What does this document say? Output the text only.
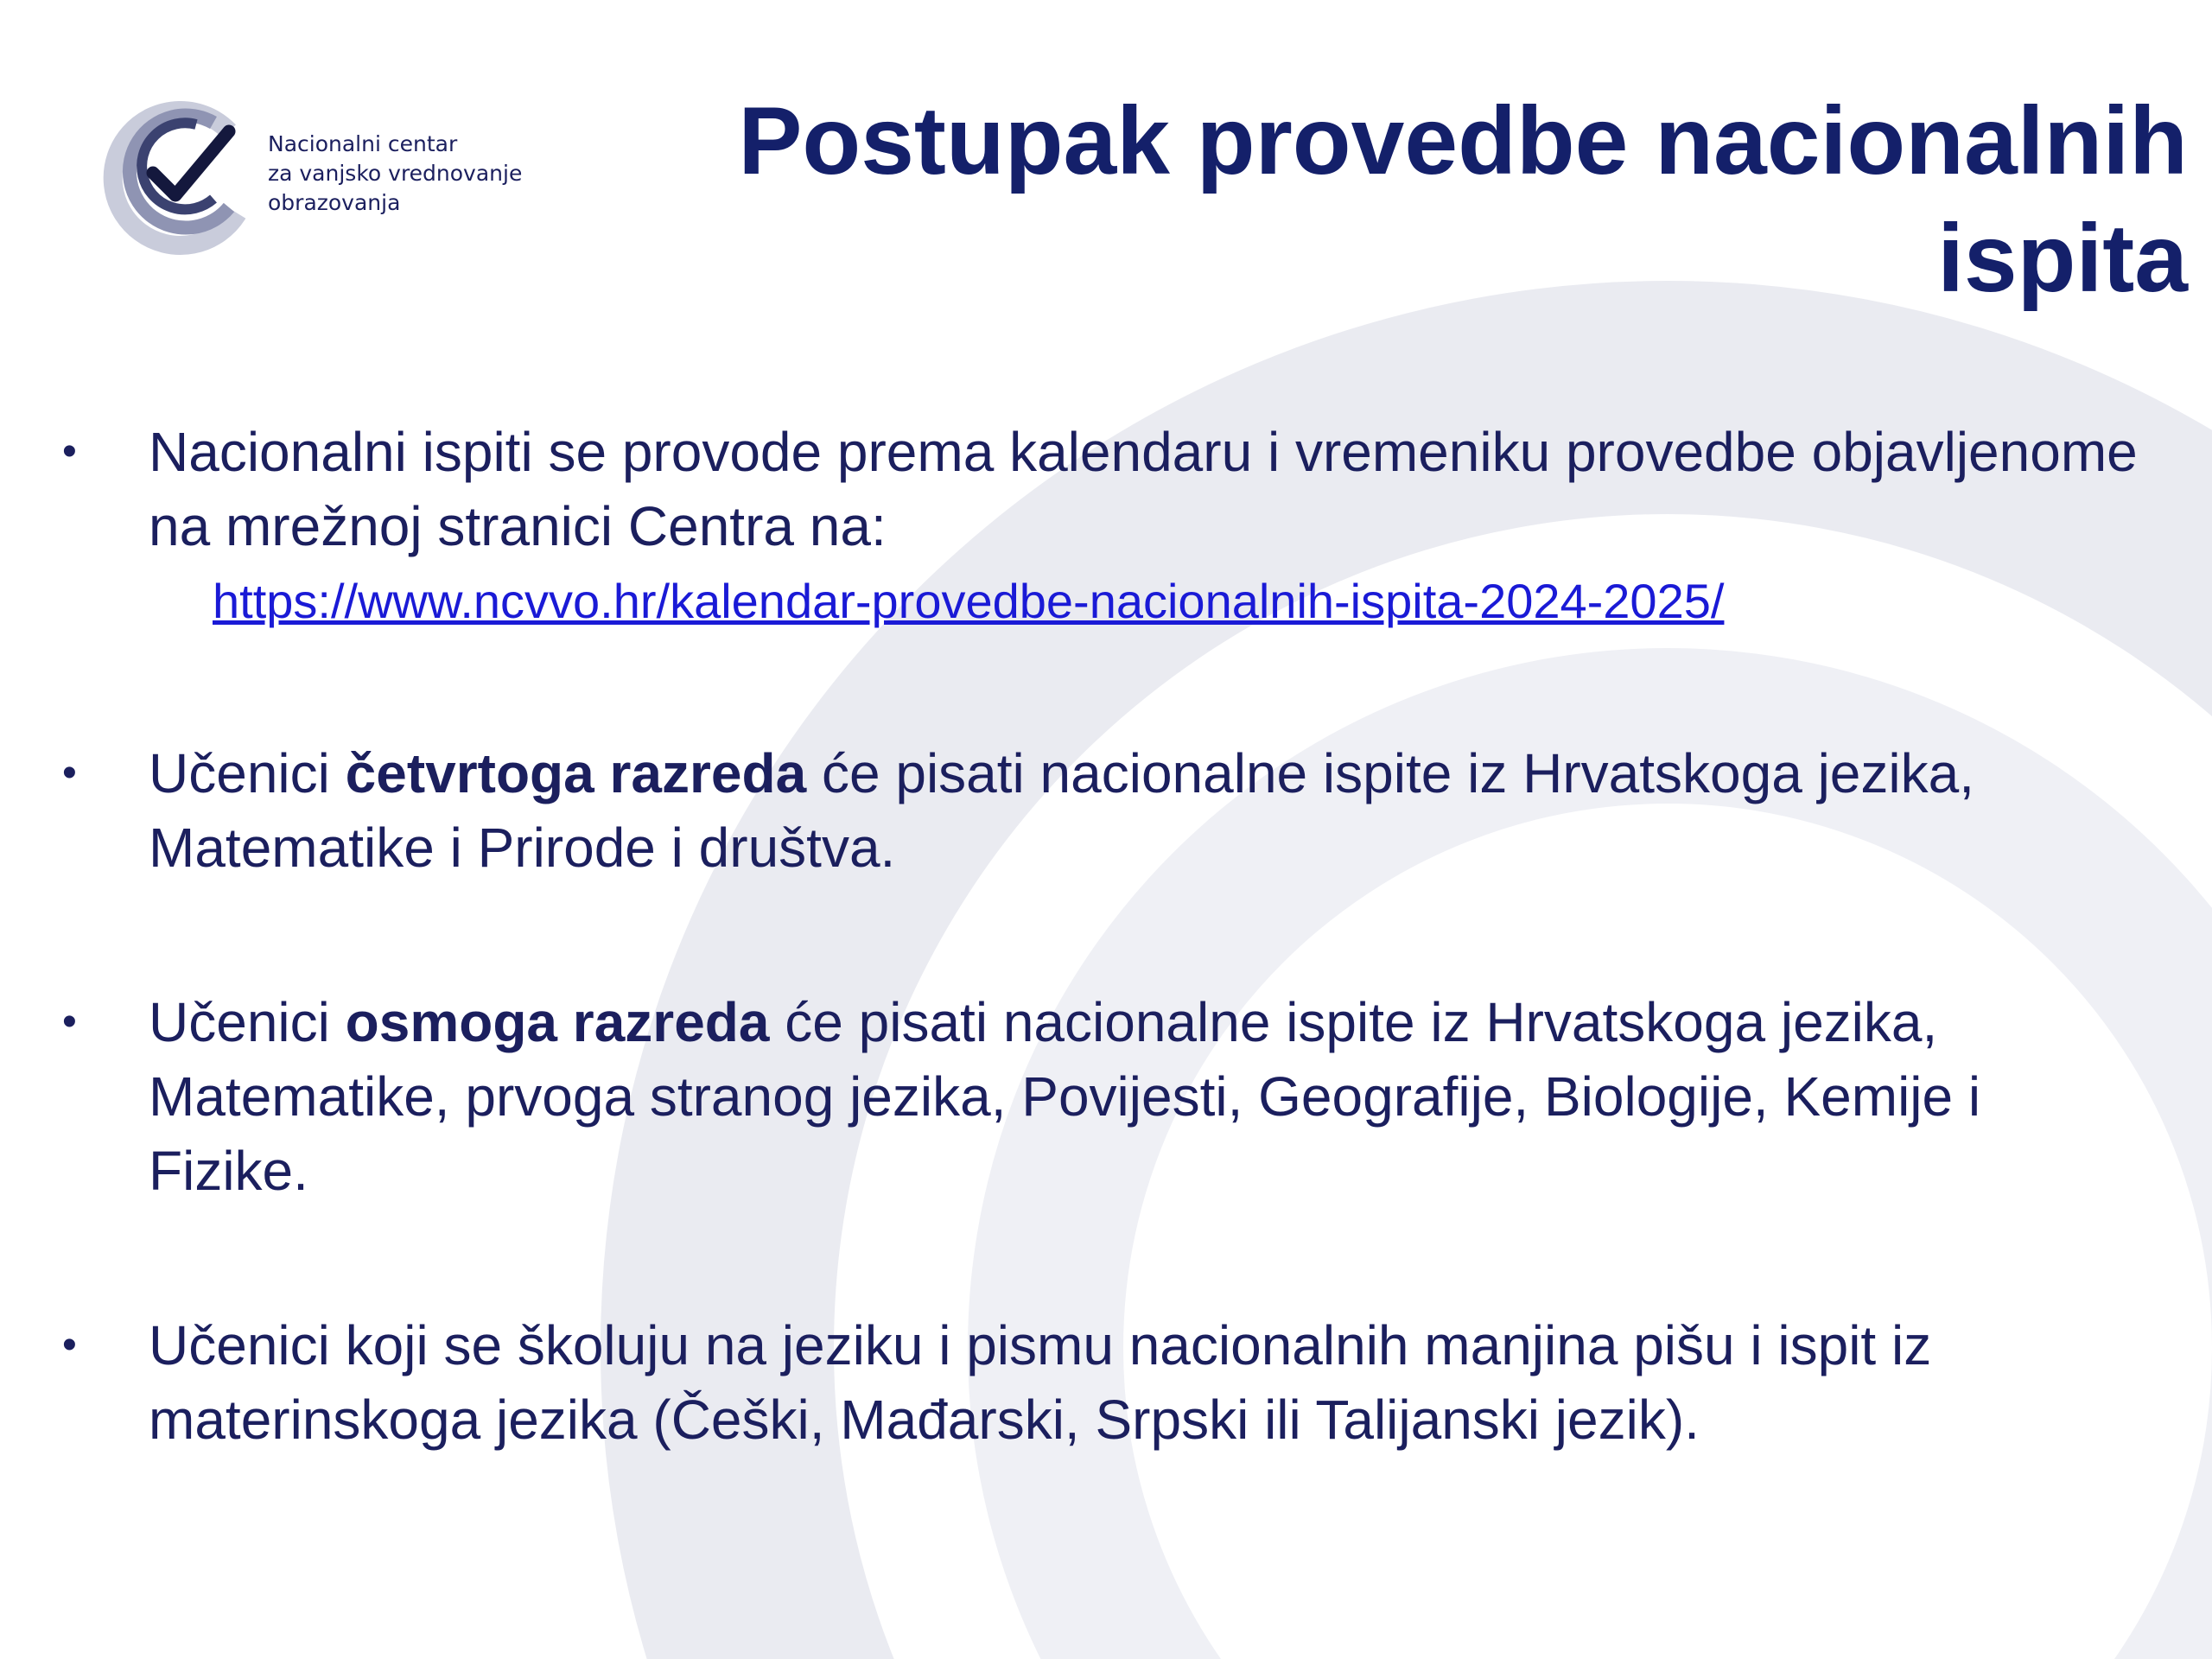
Nacionalni centar
za vanjsko vrednovanje
obrazovanja
Postupak provedbe nacionalnih
ispita
• Nacionalni ispiti se provode prema kalendaru i vremeniku provedbe objavljenome na mrežnoj stranici Centra na:
https://www.ncvvo.hr/kalendar-provedbe-nacionalnih-ispita-2024-2025/
• Učenici četvrtoga razreda će pisati nacionalne ispite iz Hrvatskoga jezika, Matematike i Prirode i društva.
• Učenici osmoga razreda će pisati nacionalne ispite iz Hrvatskoga jezika, Matematike, prvoga stranog jezika, Povijesti, Geografije, Biologije, Kemije i Fizike.
• Učenici koji se školuju na jeziku i pismu nacionalnih manjina pišu i ispit iz materinskoga jezika (Češki, Mađarski, Srpski ili Talijanski jezik).
